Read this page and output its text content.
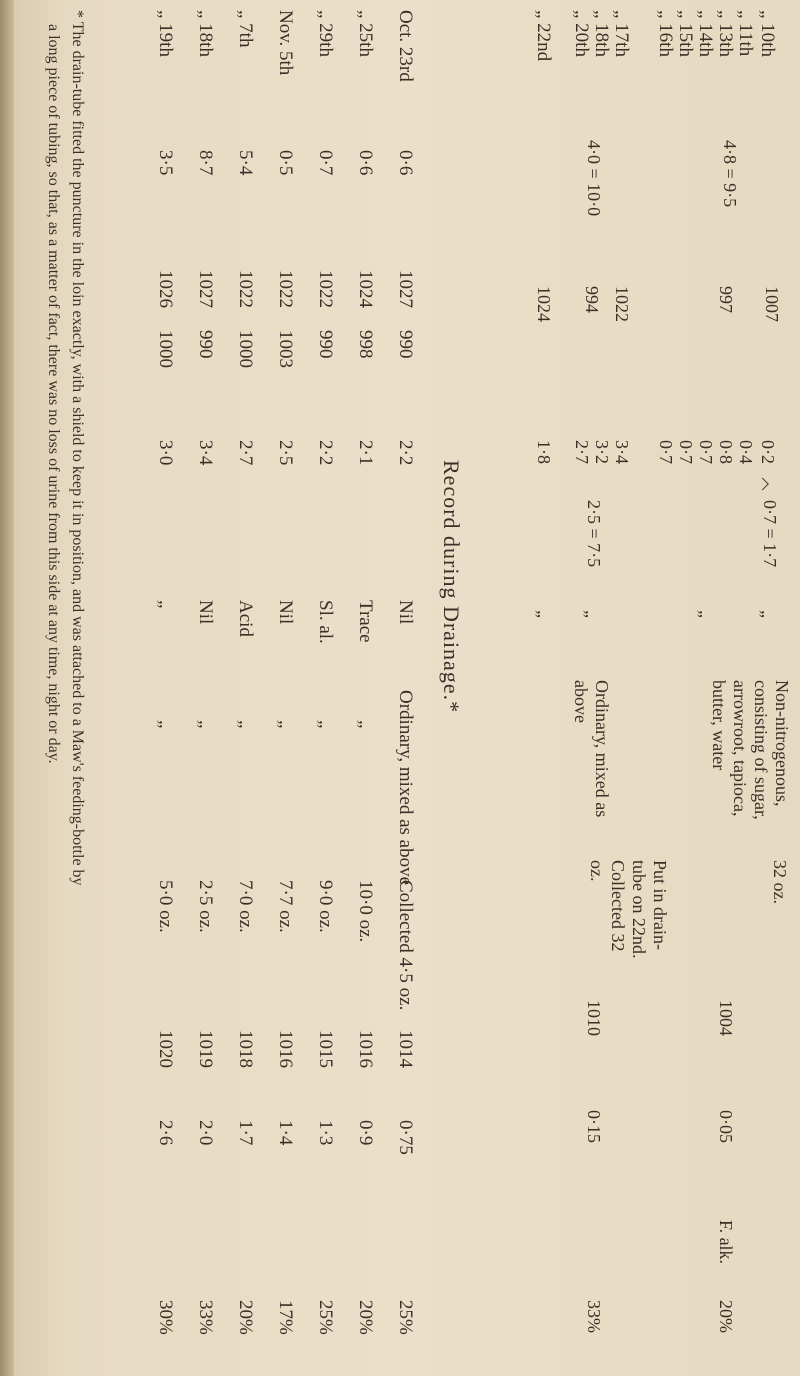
„ 10th
„ 11th
„ 13th
„ 14th
„ 15th
„ 16th
„ 17th
„ 18th
„ 20th
„ 22nd
4·8 = 9·5
4·0 = 10·0
1007
997
1022
994
1024
0·2
0·4
0·8
0·7
0·7
0·7
3·4
3·2
2·7
1·8
0·7 = 1·7
2·5 = 7·5
„
„
„
„
Non-nitrogenous, consisting of sugar, arrowroot, tapioca, butter, water
Ordinary, mixed as above
32 oz.
Put in drain-tube on 22nd. Collected 32 oz.
1004
1010
0·05
0·15
F. alk.
20%
33%
Record during Drainage.*
Oct. 23rd
0·6
1027
990
2·2
Nil
Ordinary, mixed as above
Collected 4·5 oz.
1014
0·75
25%
„ 25th
0·6
1024
998
2·1
Trace
„
10·0 oz.
1016
0·9
20%
„ 29th
0·7
1022
990
2·2
Sl. al.
„
9·0 oz.
1015
1·3
25%
Nov. 5th
0·5
1022
1003
2·5
Nil
„
7·7 oz.
1016
1·4
17%
„ 7th
5·4
1022
1000
2·7
Acid
„
7·0 oz.
1018
1·7
20%
„ 18th
8·7
1027
990
3·4
Nil
„
2·5 oz.
1019
2·0
33%
„ 19th
3·5
1026
1000
3·0
„
„
5·0 oz.
1020
2·6
30%
* The drain-tube fitted the puncture in the loin exactly, with a shield to keep it in position, and was attached to a Maw's feeding-bottle by
a long piece of tubing, so that, as a matter of fact, there was no loss of urine from this side at any time, night or day.
